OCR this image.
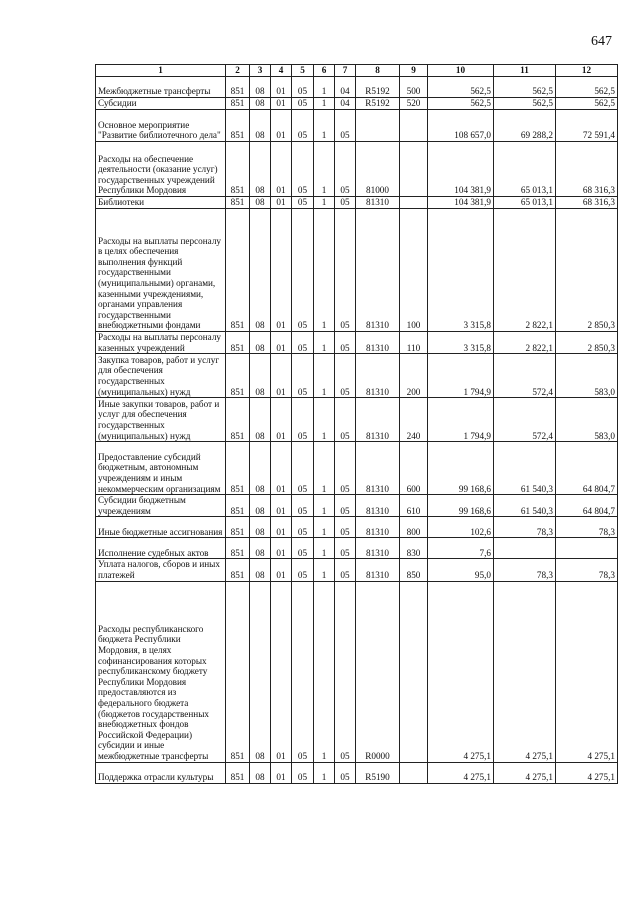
647
1	2	3	4	5	6	7	8	9	10	11	12
Межбюджетные трансферты	851	08	01	05	1	04	R5192	500	562,5	562,5	562,5
Субсидии	851	08	01	05	1	04	R5192	520	562,5	562,5	562,5
Основное мероприятие "Развитие библиотечного дела"	851	08	01	05	1	05			108 657,0	69 288,2	72 591,4
Расходы на обеспечение деятельности (оказание услуг) государственных учреждений Республики Мордовия	851	08	01	05	1	05	81000		104 381,9	65 013,1	68 316,3
Библиотеки	851	08	01	05	1	05	81310		104 381,9	65 013,1	68 316,3
Расходы на выплаты персоналу в целях обеспечения выполнения функций государственными (муниципальными) органами, казенными учреждениями, органами управления государственными внебюджетными фондами	851	08	01	05	1	05	81310	100	3 315,8	2 822,1	2 850,3
Расходы на выплаты персоналу казенных учреждений	851	08	01	05	1	05	81310	110	3 315,8	2 822,1	2 850,3
Закупка товаров, работ и услуг для обеспечения государственных (муниципальных) нужд	851	08	01	05	1	05	81310	200	1 794,9	572,4	583,0
Иные закупки товаров, работ и услуг для обеспечения государственных (муниципальных) нужд	851	08	01	05	1	05	81310	240	1 794,9	572,4	583,0
Предоставление субсидий бюджетным, автономным учреждениям и иным некоммерческим организациям	851	08	01	05	1	05	81310	600	99 168,6	61 540,3	64 804,7
Субсидии бюджетным учреждениям	851	08	01	05	1	05	81310	610	99 168,6	61 540,3	64 804,7
Иные бюджетные ассигнования	851	08	01	05	1	05	81310	800	102,6	78,3	78,3
Исполнение судебных актов	851	08	01	05	1	05	81310	830	7,6		
Уплата налогов, сборов и иных платежей	851	08	01	05	1	05	81310	850	95,0	78,3	78,3
Расходы республиканского бюджета Республики Мордовия, в целях софинансирования которых республиканскому бюджету Республики Мордовия предоставляются из федерального бюджета (бюджетов государственных внебюджетных фондов Российской Федерации) субсидии и иные межбюджетные трансферты	851	08	01	05	1	05	R0000		4 275,1	4 275,1	4 275,1
Поддержка отрасли культуры	851	08	01	05	1	05	R5190		4 275,1	4 275,1	4 275,1
